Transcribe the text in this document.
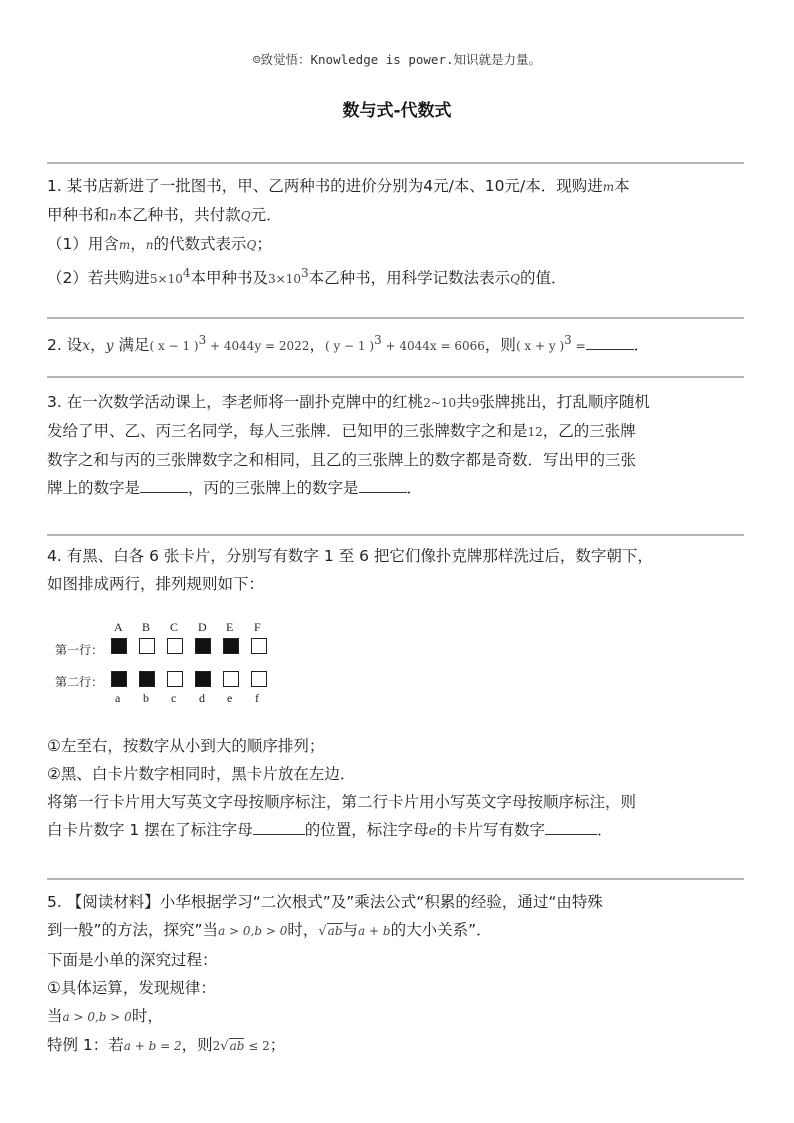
☺致觉悟：Knowledge is power.知识就是力量。
数与式-代数式
1. 某书店新进了一批图书，甲、乙两种书的进价分别为4元/本、10元/本．现购进m本
甲种书和n本乙种书，共付款Q元．
（1）用含m，n的代数式表示Q；
（2）若共购进$5\times 10^4$本甲种书及$3\times 10^3$本乙种书，用科学记数法表示Q的值．
2. 设x，y 满足( x − 1 )$^3$ + 4044y = 2022，( y − 1 )$^3$ + 4044x = 6066，则( x + y )$^3$ =	．
3. 在一次数学活动课上，李老师将一副扑克牌中的红桃2~10共9张牌挑出，打乱顺序随机
发给了甲、乙、丙三名同学，每人三张牌．已知甲的三张牌数字之和是12，乙的三张牌
数字之和与丙的三张牌数字之和相同，且乙的三张牌上的数字都是奇数．写出甲的三张
牌上的数字是	，丙的三张牌上的数字是	．
4. 有黑、白各 6 张卡片，分别写有数字 1 至 6 把它们像扑克牌那样洗过后，数字朝下，
如图排成两行，排列规则如下：
第一行：
第二行：
A B C D E F
a b c d e f
①左至右，按数字从小到大的顺序排列；
②黑、白卡片数字相同时，黑卡片放在左边．
将第一行卡片用大写英文字母按顺序标注，第二行卡片用小写英文字母按顺序标注，则
白卡片数字 1 摆在了标注字母	的位置，标注字母e的卡片写有数字	．
5. 【阅读材料】小华根据学习“二次根式”及”乘法公式“积累的经验，通过“由特殊
到一般”的方法，探究”当a > 0,b > 0时，√ab与a + b的大小关系”．
下面是小单的深究过程：
①具体运算，发现规律：
当a > 0,b > 0时，
特例 1：若a + b = 2，则2√ab ≤ 2；
